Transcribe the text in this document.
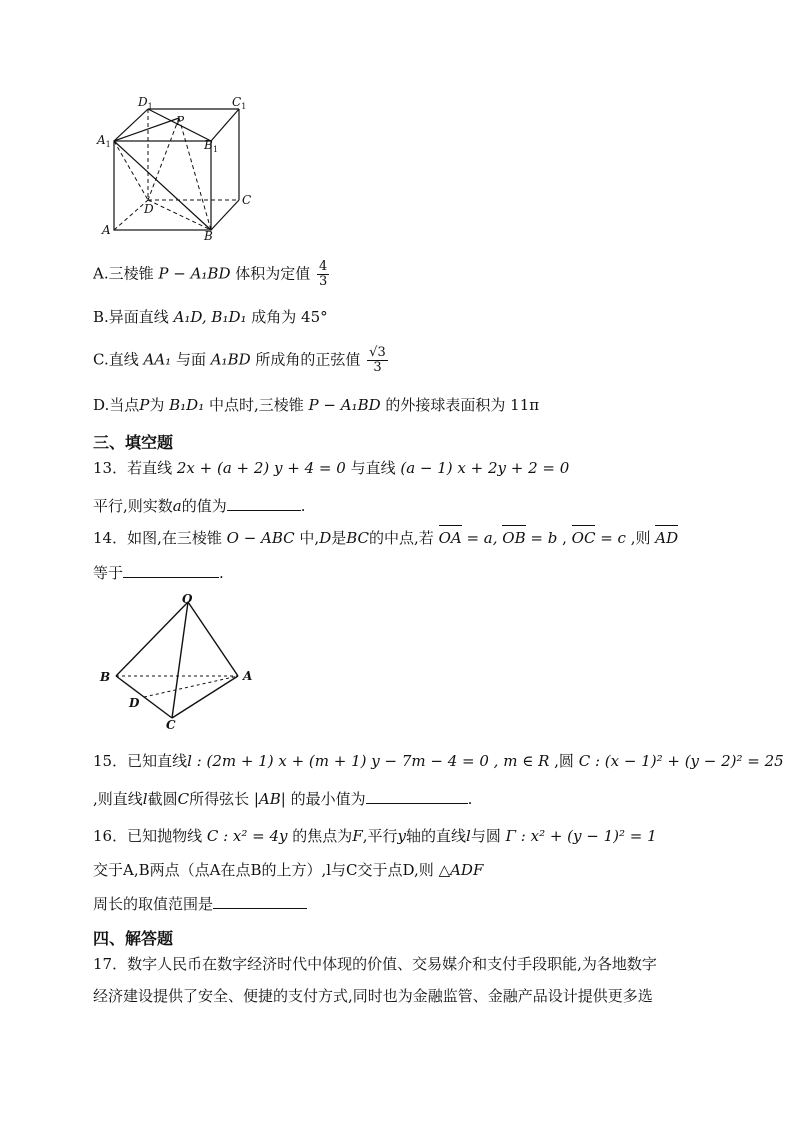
$D_1$	$C_1$
P
$A_1$	$B_1$
D
C
A	B
A.三棱锥 P − A₁BD 体积为定值 $\frac{4}{3}$
B.异面直线 A₁D, B₁D₁ 成角为 45°
C.直线 AA₁ 与面 A₁BD 所成角的正弦值 $\frac{√3}{3}$
D.当点P为 B₁D₁ 中点时,三棱锥 P − A₁BD 的外接球表面积为 11π
三、填空题
13．若直线 2x + (a + 2) y + 4 = 0 与直线 (a − 1) x + 2y + 2 = 0
平行,则实数a的值为	.
14．如图,在三棱锥 O − ABC 中,D是BC的中点,若 OA = a, OB = b , OC = c ,则 AD
等于	.
O
B	A
D
C
15．已知直线l : (2m + 1) x + (m + 1) y − 7m − 4 = 0 , m ∈ R ,圆 C : (x − 1)² + (y − 2)² = 25
,则直线l截圆C所得弦长 |AB| 的最小值为	.
16．已知抛物线 C : x² = 4y 的焦点为F,平行y轴的直线l与圆 Γ : x² + (y − 1)² = 1
交于A,B两点（点A在点B的上方）,l与C交于点D,则 △ADF
周长的取值范围是
四、解答题
17．数字人民币在数字经济时代中体现的价值、交易媒介和支付手段职能,为各地数字
经济建设提供了安全、便捷的支付方式,同时也为金融监管、金融产品设计提供更多选
